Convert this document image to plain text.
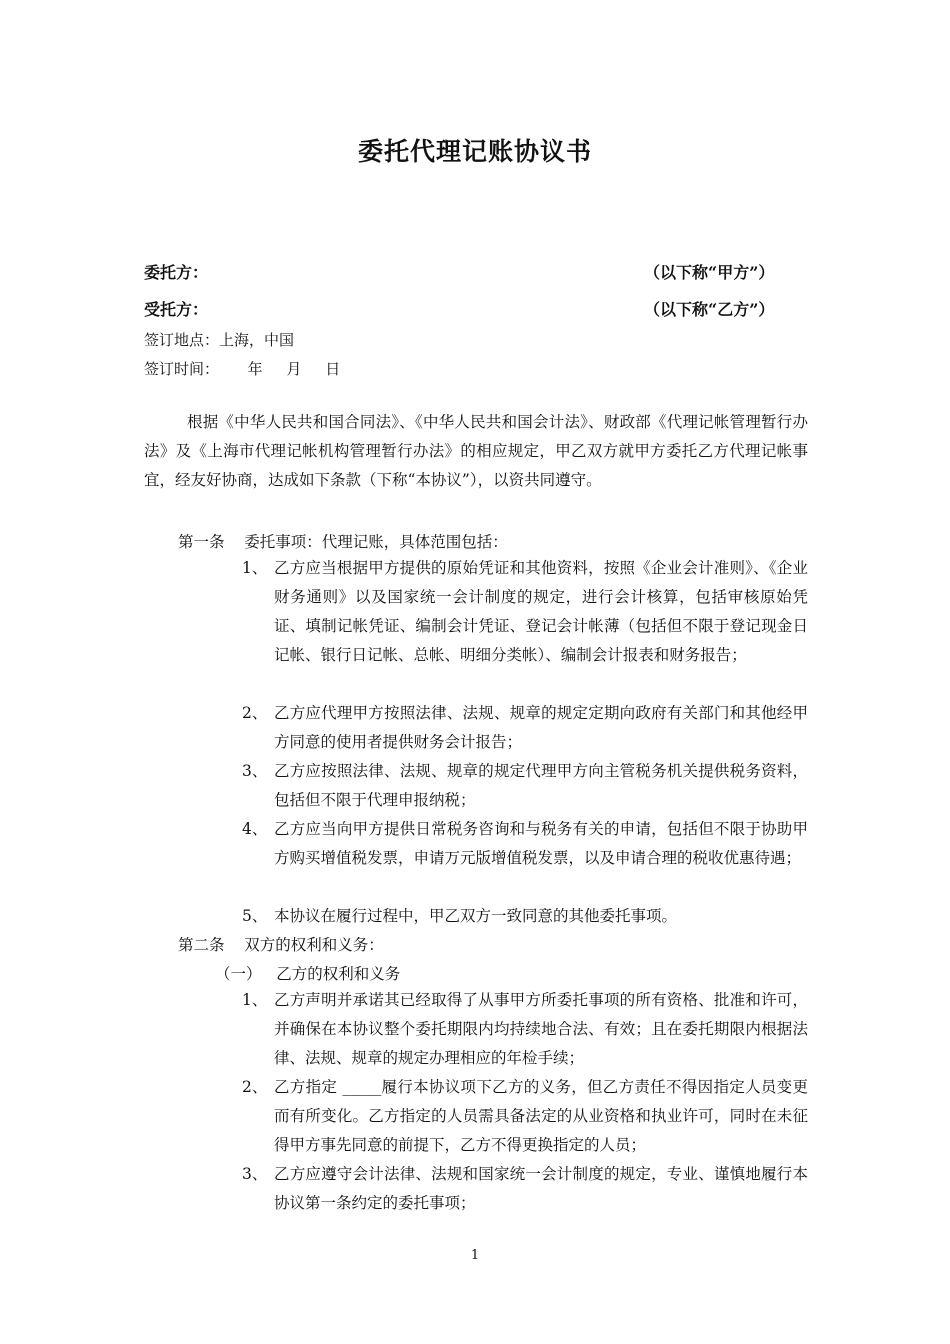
委托代理记账协议书
委托方：	（以下称“甲方”）
受托方：	（以下称“乙方”）
签订地点：上海，中国
签订时间：      年     月     日

根据《中华人民共和国合同法》、《中华人民共和国会计法》、财政部《代理记帐管理暂行办法》及《上海市代理记帐机构管理暂行办法》的相应规定，甲乙双方就甲方委托乙方代理记帐事宜，经友好协商，达成如下条款（下称“本协议”），以资共同遵守。

第一条    委托事项：代理记账，具体范围包括：
1、 乙方应当根据甲方提供的原始凭证和其他资料，按照《企业会计准则》、《企业财务通则》以及国家统一会计制度的规定，进行会计核算，包括审核原始凭证、填制记帐凭证、编制会计凭证、登记会计帐薄（包括但不限于登记现金日记帐、银行日记帐、总帐、明细分类帐）、编制会计报表和财务报告；
2、 乙方应代理甲方按照法律、法规、规章的规定定期向政府有关部门和其他经甲方同意的使用者提供财务会计报告；
3、 乙方应按照法律、法规、规章的规定代理甲方向主管税务机关提供税务资料，包括但不限于代理申报纳税；
4、 乙方应当向甲方提供日常税务咨询和与税务有关的申请，包括但不限于协助甲方购买增值税发票，申请万元版增值税发票，以及申请合理的税收优惠待遇；
5、 本协议在履行过程中，甲乙双方一致同意的其他委托事项。
第二条    双方的权利和义务：
（一）   乙方的权利和义务
1、 乙方声明并承诺其已经取得了从事甲方所委托事项的所有资格、批准和许可，并确保在本协议整个委托期限内均持续地合法、有效；且在委托期限内根据法律、法规、规章的规定办理相应的年检手续；
2、 乙方指定 _____履行本协议项下乙方的义务，但乙方责任不得因指定人员变更而有所变化。乙方指定的人员需具备法定的从业资格和执业许可，同时在未征得甲方事先同意的前提下，乙方不得更换指定的人员；
3、 乙方应遵守会计法律、法规和国家统一会计制度的规定，专业、谨慎地履行本协议第一条约定的委托事项；
1
